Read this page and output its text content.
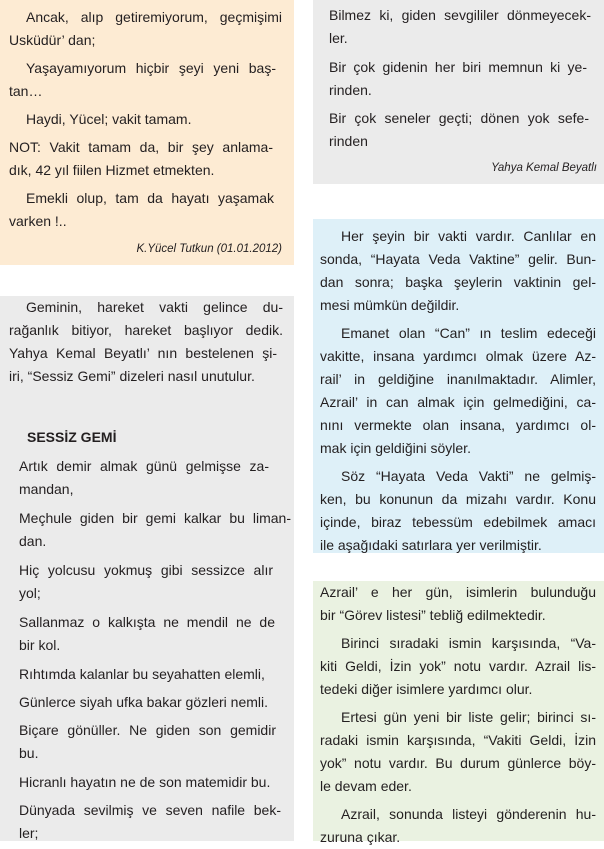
Ancak, alıp getiremiyorum, geçmişimi

Usküdür’ dan;

Yaşayamıyorum hiçbir şeyi yeni baş-

tan…

Haydi, Yücel; vakit tamam.

NOT: Vakit tamam da, bir şey anlama-

dık, 42 yıl fiilen Hizmet etmekten.

Emekli olup, tam da hayatı yaşamak

varken !..

K.Yücel Tutkun (01.01.2012)

Geminin, hareket vakti gelince du-

rağanlık bitiyor, hareket başlıyor dedik.

Yahya Kemal Beyatlı’ nın bestelenen şi-

iri, “Sessiz Gemi” dizeleri nasıl unutulur.

SESSİZ GEMİ

Artık demir almak günü gelmişse za-

mandan,

Meçhule giden bir gemi kalkar bu liman-

dan.

Hiç yolcusu yokmuş gibi sessizce alır

yol;

Sallanmaz o kalkışta ne mendil ne de

bir kol.

Rıhtımda kalanlar bu seyahatten elemli,

Günlerce siyah ufka bakar gözleri nemli.

Biçare gönüller. Ne giden son gemidir

bu.

Hicranlı hayatın ne de son matemidir bu.

Dünyada sevilmiş ve seven nafile bek-

ler;

Bilmez ki, giden sevgililer dönmeyecek-

ler.

Bir çok gidenin her biri memnun ki ye-

rinden.

Bir çok seneler geçti; dönen yok sefe-

rinden

Yahya Kemal Beyatlı

Her şeyin bir vakti vardır. Canlılar en

sonda, “Hayata Veda Vaktine” gelir. Bun-

dan sonra; başka şeylerin vaktinin gel-

mesi mümkün değildir.

Emanet olan “Can” ın teslim edeceği

vakitte, insana yardımcı olmak üzere Az-

rail’ in geldiğine inanılmaktadır. Alimler,

Azrail’ in can almak için gelmediğini, ca-

nını vermekte olan insana, yardımcı ol-

mak için geldiğini söyler.

Söz “Hayata Veda Vakti” ne gelmiş-

ken, bu konunun da mizahı vardır. Konu

içinde, biraz tebessüm edebilmek amacı

ile aşağıdaki satırlara yer verilmiştir.

Azrail’ e her gün, isimlerin bulunduğu

bir “Görev listesi” tebliğ edilmektedir.

Birinci sıradaki ismin karşısında, “Va-

kiti Geldi, İzin yok” notu vardır. Azrail lis-

tedeki diğer isimlere yardımcı olur.

Ertesi gün yeni bir liste gelir; birinci sı-

radaki ismin karşısında, “Vakiti Geldi, İzin

yok” notu vardır. Bu durum günlerce böy-

le devam eder.

Azrail, sonunda listeyi gönderenin hu-

zuruna çıkar.
